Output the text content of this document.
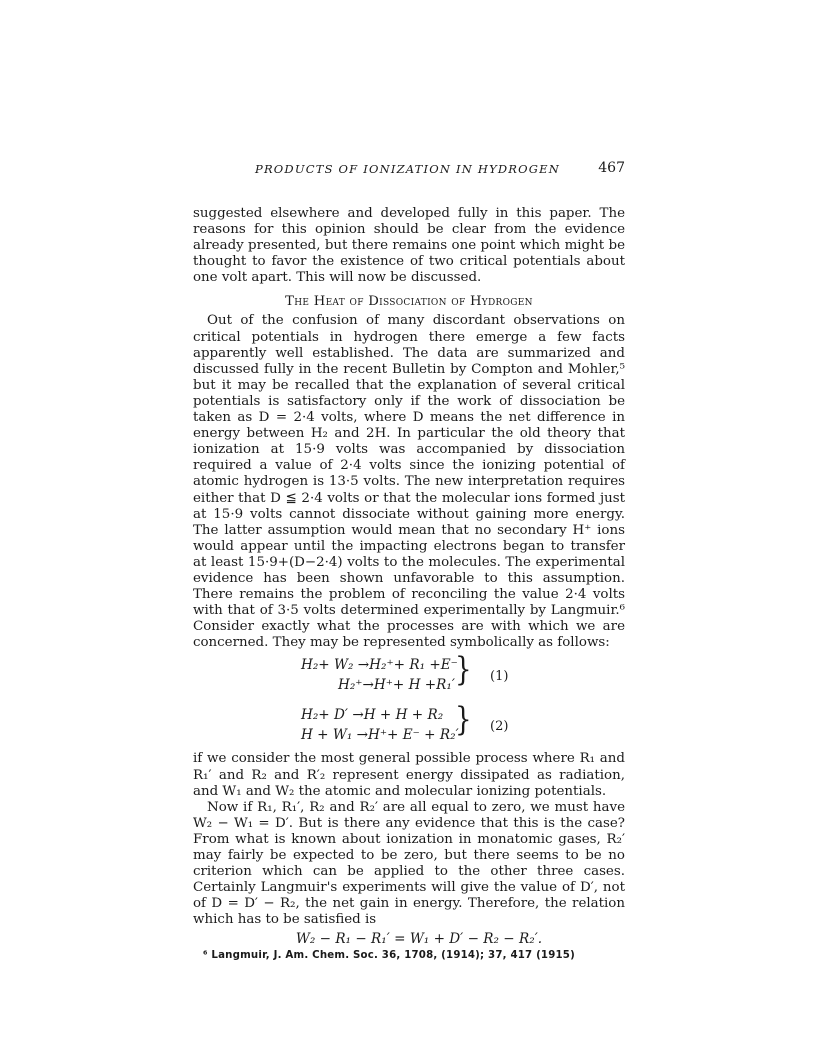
PRODUCTS OF IONIZATION IN HYDROGEN	467

suggested elsewhere and developed fully in this paper. The reasons for this opinion should be clear from the evidence already presented, but there remains one point which might be thought to favor the existence of two critical potentials about one volt apart. This will now be discussed.

The Heat of Dissociation of Hydrogen

Out of the confusion of many discordant observations on critical potentials in hydrogen there emerge a few facts apparently well established. The data are summarized and discussed fully in the recent Bulletin by Compton and Mohler,⁵ but it may be recalled that the explanation of several critical potentials is satisfactory only if the work of dissociation be taken as D = 2·4 volts, where D means the net difference in energy between H₂ and 2H. In particular the old theory that ionization at 15·9 volts was accompanied by dissociation required a value of 2·4 volts since the ionizing potential of atomic hydrogen is 13·5 volts. The new interpretation requires either that D ≦ 2·4 volts or that the molecular ions formed just at 15·9 volts cannot dissociate without gaining more energy. The latter assumption would mean that no secondary H⁺ ions would appear until the impacting electrons began to transfer at least 15·9+(D−2·4) volts to the molecules. The experimental evidence has been shown unfavorable to this assumption. There remains the problem of reconciling the value 2·4 volts with that of 3·5 volts determined experimentally by Langmuir.⁶ Consider exactly what the processes are with which we are concerned. They may be represented symbolically as follows:

H₂+ W₂ →H₂⁺+ R₁ +E⁻
H₂⁺→H⁺+ H +R₁′ } (1)
H₂+ D′ →H + H + R₂
H + W₁ →H⁺+ E⁻ + R₂′
} (2)

if we consider the most general possible process where R₁ and R₁′ and R₂ and R′₂ represent energy dissipated as radiation, and W₁ and W₂ the atomic and molecular ionizing potentials.

Now if R₁, R₁′, R₂ and R₂′ are all equal to zero, we must have W₂ − W₁ = D′. But is there any evidence that this is the case? From what is known about ionization in monatomic gases, R₂′ may fairly be expected to be zero, but there seems to be no criterion which can be applied to the other three cases. Certainly Langmuir's experiments will give the value of D′, not of D = D′ − R₂, the net gain in energy. Therefore, the relation which has to be satisfied is

W₂ − R₁ − R₁′ = W₁ + D′ − R₂ − R₂′.
⁶ Langmuir, J. Am. Chem. Soc. 36, 1708, (1914); 37, 417 (1915)
